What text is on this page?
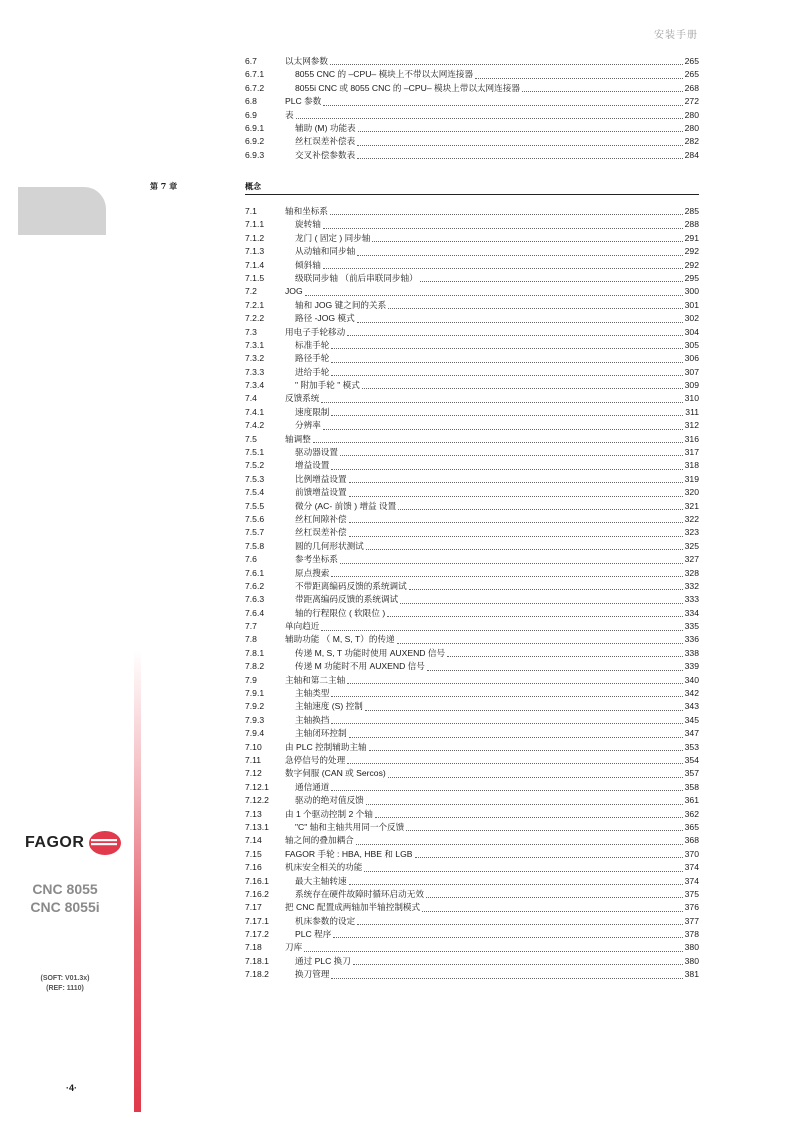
安装手册
FAGOR
CNC 8055
CNC 8055i
(SOFT: V01.3x)
(REF: 1110)
·4·
6.7	以太网参数	265
6.7.1	8055 CNC 的 –CPU– 模块上不带以太网连接器	265
6.7.2	8055i CNC 或 8055 CNC 的 –CPU– 模块上带以太网连接器	268
6.8	PLC 参数	272
6.9	表	280
6.9.1	辅助 (M) 功能表	280
6.9.2	丝杠误差补偿表	282
6.9.3	交叉补偿参数表	284
第 7 章	概念
7.1	轴和坐标系	285
7.1.1	旋转轴	288
7.1.2	龙门 ( 固定 ) 同步轴	291
7.1.3	从动轴和同步轴	292
7.1.4	倾斜轴	292
7.1.5	级联同步轴 （前后串联同步轴）	295
7.2	JOG	300
7.2.1	轴和 JOG 键之间的关系	301
7.2.2	路径 -JOG 模式	302
7.3	用电子手轮移动	304
7.3.1	标准手轮	305
7.3.2	路径手轮	306
7.3.3	进给手轮	307
7.3.4	" 附加手轮 " 模式	309
7.4	反馈系统	310
7.4.1	速度限制	311
7.4.2	分辨率	312
7.5	轴调整	316
7.5.1	驱动器设置	317
7.5.2	增益设置	318
7.5.3	比例增益设置	319
7.5.4	前馈增益设置	320
7.5.5	微分 (AC- 前馈 ) 增益 设置	321
7.5.6	丝杠间隙补偿	322
7.5.7	丝杠误差补偿	323
7.5.8	圆的几何形状测试	325
7.6	参考坐标系	327
7.6.1	原点搜索	328
7.6.2	不带距离编码反馈的系统调试	332
7.6.3	带距离编码反馈的系统调试	333
7.6.4	轴的行程限位 ( 软限位 )	334
7.7	单向趋近	335
7.8	辅助功能 （ M, S, T）的传递	336
7.8.1	传递 M, S, T 功能时使用 AUXEND 信号	338
7.8.2	传递 M 功能时不用 AUXEND 信号	339
7.9	主轴和第二主轴	340
7.9.1	主轴类型	342
7.9.2	主轴速度 (S) 控制	343
7.9.3	主轴换挡	345
7.9.4	主轴闭环控制	347
7.10	由 PLC 控制辅助主轴	353
7.11	急停信号的处理	354
7.12	数字伺服 (CAN 或 Sercos)	357
7.12.1	通信通道	358
7.12.2	驱动的绝对值反馈	361
7.13	由 1 个驱动控制 2 个轴	362
7.13.1	"C" 轴和主轴共用同一个反馈	365
7.14	轴之间的叠加耦合	368
7.15	FAGOR 手轮 : HBA, HBE 和 LGB	370
7.16	机床安全相关的功能	374
7.16.1	最大主轴转速	374
7.16.2	系统存在硬件故障时循环启动无效	375
7.17	把 CNC 配置成两轴加半轴控制模式	376
7.17.1	机床参数的设定	377
7.17.2	PLC 程序	378
7.18	刀库	380
7.18.1	通过 PLC 换刀	380
7.18.2	换刀管理	381
